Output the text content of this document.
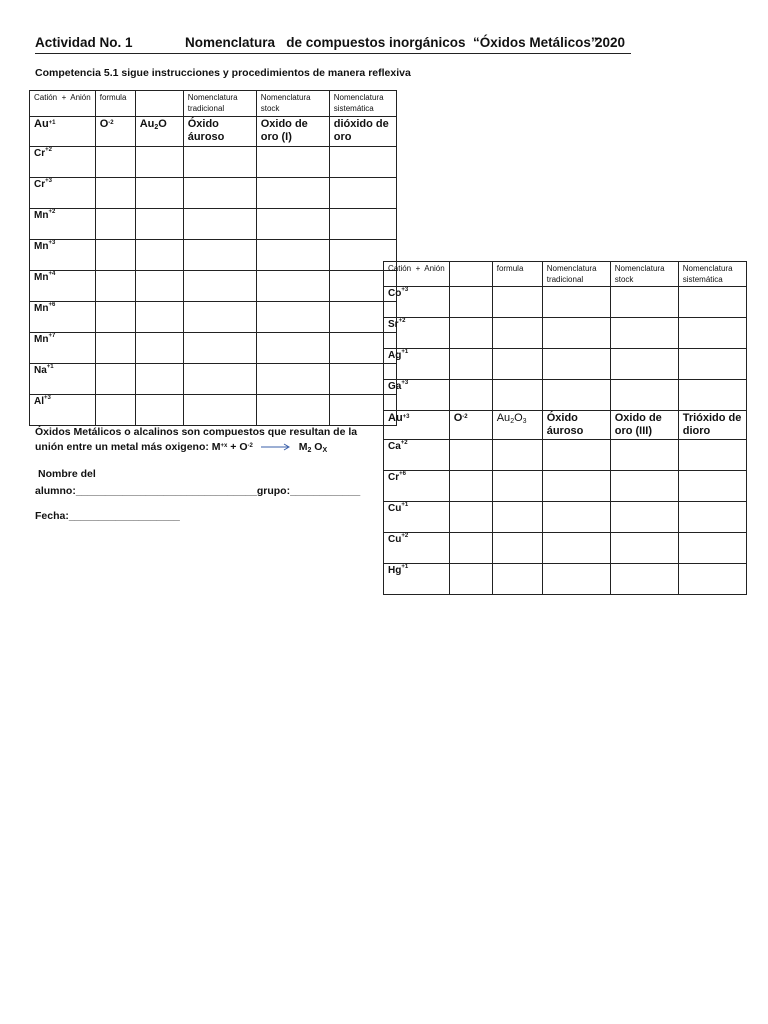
Actividad No. 1	Nomenclatura   de compuestos inorgánicos  “Óxidos Metálicos”
2020
Competencia 5.1 sigue instrucciones y procedimientos de manera reflexiva
Catión  +  Anión	formula		Nomenclatura tradicional	Nomenclatura stock	Nomenclatura sistemática
$Au^{+1}$	$O^{-2}$	$Au_2O$	Óxido áuroso	Oxido de oro (I)	dióxido de oro
$Cr^{+2}$					
$Cr^{+3}$					
$Mn^{+2}$					
$Mn^{+3}$					
$Mn^{+4}$					
$Mn^{+6}$					
$Mn^{+7}$					
$Na^{+1}$					
$Al^{+3}$					
Catión  +  Anión		formula	Nomenclatura tradicional	Nomenclatura stock	Nomenclatura sistemática
$Co^{+3}$					
$Sr^{+2}$					
$Ag^{+1}$					
$Ga^{+3}$					
$Au^{+3}$	$O^{-2}$	$Au_2O_3$	Óxido áuroso	Oxido de oro (III)	Trióxido de dioro
$Ca^{+2}$					
$Cr^{+6}$					
$Cu^{+1}$					
$Cu^{+2}$					
$Hg^{+1}$					
Óxidos Metálicos o alcalinos son compuestos que resultan de la unión entre un metal más oxigeno: $M^{+x} + O^{-2} \to M_2$ $O_X$
Nombre del
alumno:_______________________________grupo:____________
Fecha:___________________
